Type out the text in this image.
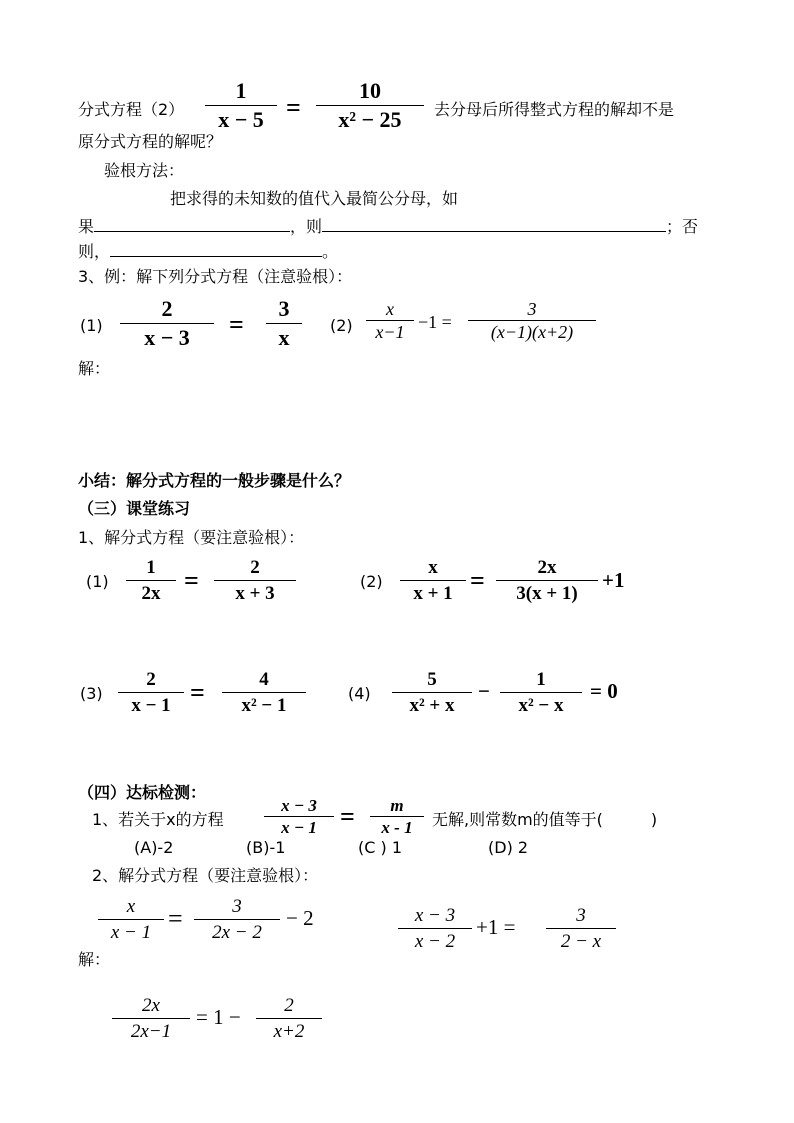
分式方程（2）
1
x − 5 =
10
x² − 25 去分母后所得整式方程的解却不是
原分式方程的解呢？
验根方法：
把求得的未知数的值代入最简公分母，如
果	，则	；否
则，	。
3、例：解下列分式方程（注意验根）：
(1)
2
x − 3 =
3
x	(2)
x
x−1 −1 =
3
(x−1)(x+2)
解：
小结：解分式方程的一般步骤是什么？
（三）课堂练习
1、解分式方程（要注意验根）：
(1)
1
2x =	2
x + 3
(2)
x
x + 1 =	2x
3(x + 1)
+1
(3)
2
x − 1 =	4
x² − 1
(4)
5
x² + x
− 1
x² − x
= 0
（四）达标检测：
1、若关于x的方程
x − 3
x − 1 = m
x - 1 无解,则常数m的值等于(　　　)
(A)-2	(B)-1	(C ) 1	(D) 2
2、解分式方程（要注意验根）：
x
x − 1 =	3
2x − 2
− 2	x − 3
x − 2
+1 =	3
2 − x
解：
2x
2x−1
= 1 − 2
x+2
